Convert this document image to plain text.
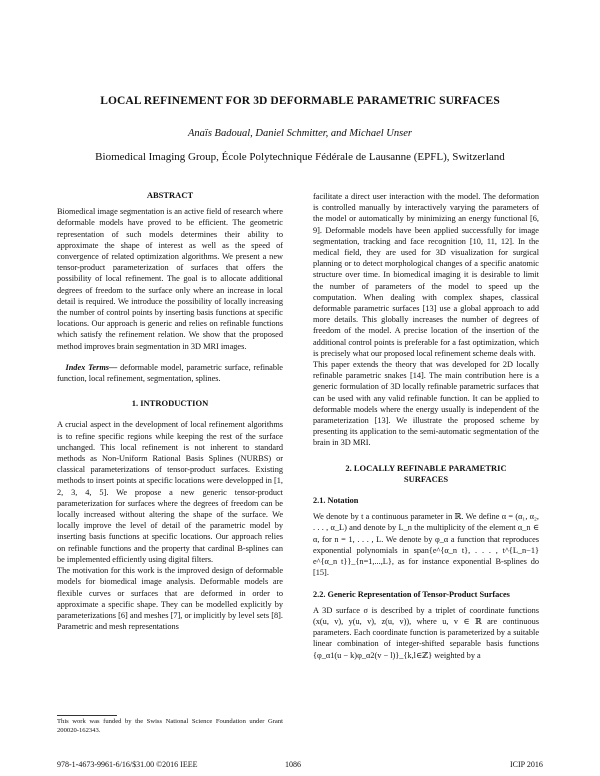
LOCAL REFINEMENT FOR 3D DEFORMABLE PARAMETRIC SURFACES
Anaïs Badoual, Daniel Schmitter, and Michael Unser
Biomedical Imaging Group, École Polytechnique Fédérale de Lausanne (EPFL), Switzerland
ABSTRACT

Biomedical image segmentation is an active field of research where deformable models have proved to be efficient. The geometric representation of such models determines their ability to approximate the shape of interest as well as the speed of convergence of related optimization algorithms. We present a new tensor-product parameterization of surfaces that offers the possibility of local refinement. The goal is to allocate additional degrees of freedom to the surface only where an increase in local detail is required. We introduce the possibility of locally increasing the number of control points by inserting basis functions at specific locations. Our approach is generic and relies on refinable functions which satisfy the refinement relation. We show that the proposed method improves brain segmentation in 3D MRI images.

Index Terms— deformable model, parametric surface, refinable function, local refinement, segmentation, splines.

1. INTRODUCTION

A crucial aspect in the development of local refinement algorithms is to refine specific regions while keeping the rest of the surface unchanged. This local refinement is not inherent to standard methods as Non-Uniform Rational Basis Splines (NURBS) or classical parameterizations of tensor-product surfaces. Existing methods to insert points at specific locations were developped in [1, 2, 3, 4, 5]. We propose a new generic tensor-product parameterization for surfaces where the degrees of freedom can be locally increased without altering the shape of the surface. We locally improve the level of detail of the parametric model by inserting basis functions at specific locations. Our approach relies on refinable functions and the property that cardinal B-splines can be implemented efficiently using digital filters.

The motivation for this work is the improved design of deformable models for biomedical image analysis. Deformable models are flexible curves or surfaces that are deformed in order to approximate a specific shape. They can be modelled explicitly by parameterizations [6] and meshes [7], or implicitly by level sets [8]. Parametric and mesh representations

facilitate a direct user interaction with the model. The deformation is controlled manually by interactively varying the parameters of the model or automatically by minimizing an energy functional [6, 9]. Deformable models have been applied successfully for image segmentation, tracking and face recognition [10, 11, 12]. In the medical field, they are used for 3D visualization for surgical planning or to detect morphological changes of a specific anatomic structure over time. In biomedical imaging it is desirable to limit the number of parameters of the model to speed up the computation. When dealing with complex shapes, classical deformable parametric surfaces [13] use a global approach to add more details. This globally increases the number of degrees of freedom of the model. A precise location of the insertion of the additional control points is preferable for a fast optimization, which is precisely what our proposed local refinement scheme deals with.

This paper extends the theory that was developed for 2D locally refinable parametric snakes [14]. The main contribution here is a generic formulation of 3D locally refinable parametric surfaces that can be used with any valid refinable function. It can be applied to deformable models where the energy usually is independent of the parameterization [13]. We illustrate the proposed scheme by presenting its application to the semi-automatic segmentation of the brain in 3D MRI.

2. LOCALLY REFINABLE PARAMETRIC
SURFACES
2.1. Notation

We denote by t a continuous parameter in ℝ. We define α = (α₁, α₂, . . . , α_L) and denote by L_n the multiplicity of the element α_n ∈ α, for n = 1, . . . , L. We denote by φ_α a function that reproduces exponential polynomials in span{e^{α_n t}, . . . , t^{L_n−1} e^{α_n t}}_{n=1,...,L}, as for instance exponential B-splines do [15].

2.2. Generic Representation of Tensor-Product Surfaces

A 3D surface σ is described by a triplet of coordinate functions (x(u, v), y(u, v), z(u, v)), where u, v ∈ ℝ are continuous parameters. Each coordinate function is parameterized by a suitable linear combination of integer-shifted separable basis functions {φ_α1(u − k)φ_α2(v − l)}_{k,l∈ℤ} weighted by a

This work was funded by the Swiss National Science Foundation under Grant 200020-162343.
978-1-4673-9961-6/16/$31.00 ©2016 IEEE	1086	ICIP 2016
